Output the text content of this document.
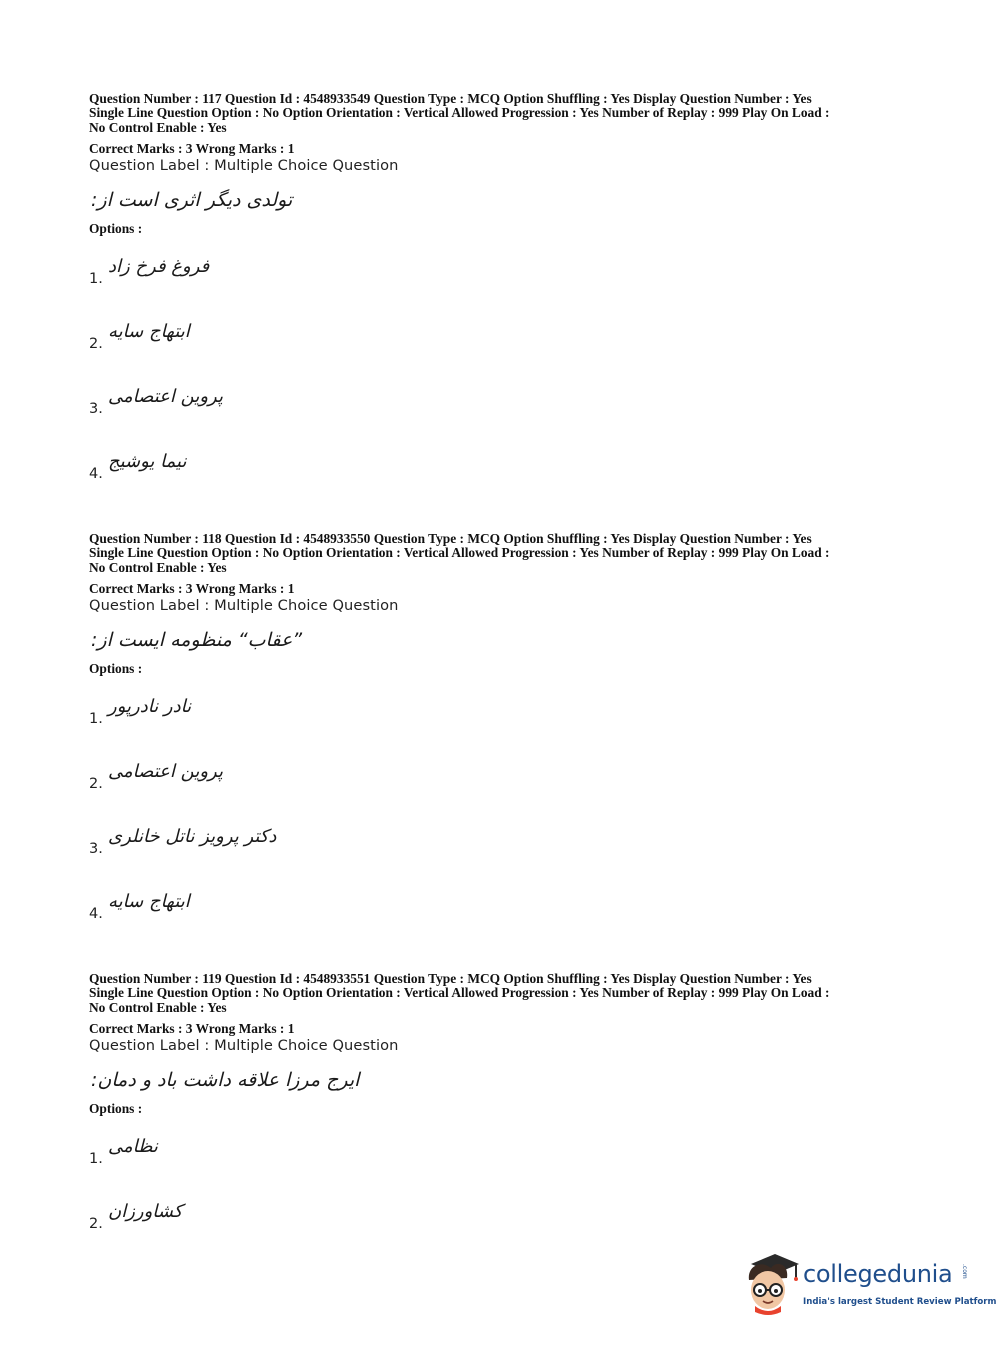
Question Number : 117 Question Id : 4548933549 Question Type : MCQ Option Shuffling : Yes Display Question Number : Yes
Single Line Question Option : No Option Orientation : Vertical Allowed Progression : Yes Number of Replay : 999 Play On Load :
No Control Enable : Yes
Correct Marks : 3 Wrong Marks : 1
Question Label : Multiple Choice Question
تولدی دیگر اثری است از:
Options :
1.
فروغ فرخ زاد
2.
ابتهاج سایه
3.
پروین اعتصامی
4.
نیما یوشیج
Question Number : 118 Question Id : 4548933550 Question Type : MCQ Option Shuffling : Yes Display Question Number : Yes
Single Line Question Option : No Option Orientation : Vertical Allowed Progression : Yes Number of Replay : 999 Play On Load :
No Control Enable : Yes
Correct Marks : 3 Wrong Marks : 1
Question Label : Multiple Choice Question
”عقاب“ منظومه ایست از:
Options :
1.
نادر نادرپور
2.
پروین اعتصامی
3.
دکتر پرویز ناتل خانلری
4.
ابتهاج سایه
Question Number : 119 Question Id : 4548933551 Question Type : MCQ Option Shuffling : Yes Display Question Number : Yes
Single Line Question Option : No Option Orientation : Vertical Allowed Progression : Yes Number of Replay : 999 Play On Load :
No Control Enable : Yes
Correct Marks : 3 Wrong Marks : 1
Question Label : Multiple Choice Question
ایرج مرزا علاقه داشت باد و دمان:
Options :
1.
نظامی
2.
کشاورزان
collegedunia .com
India's largest Student Review Platform
